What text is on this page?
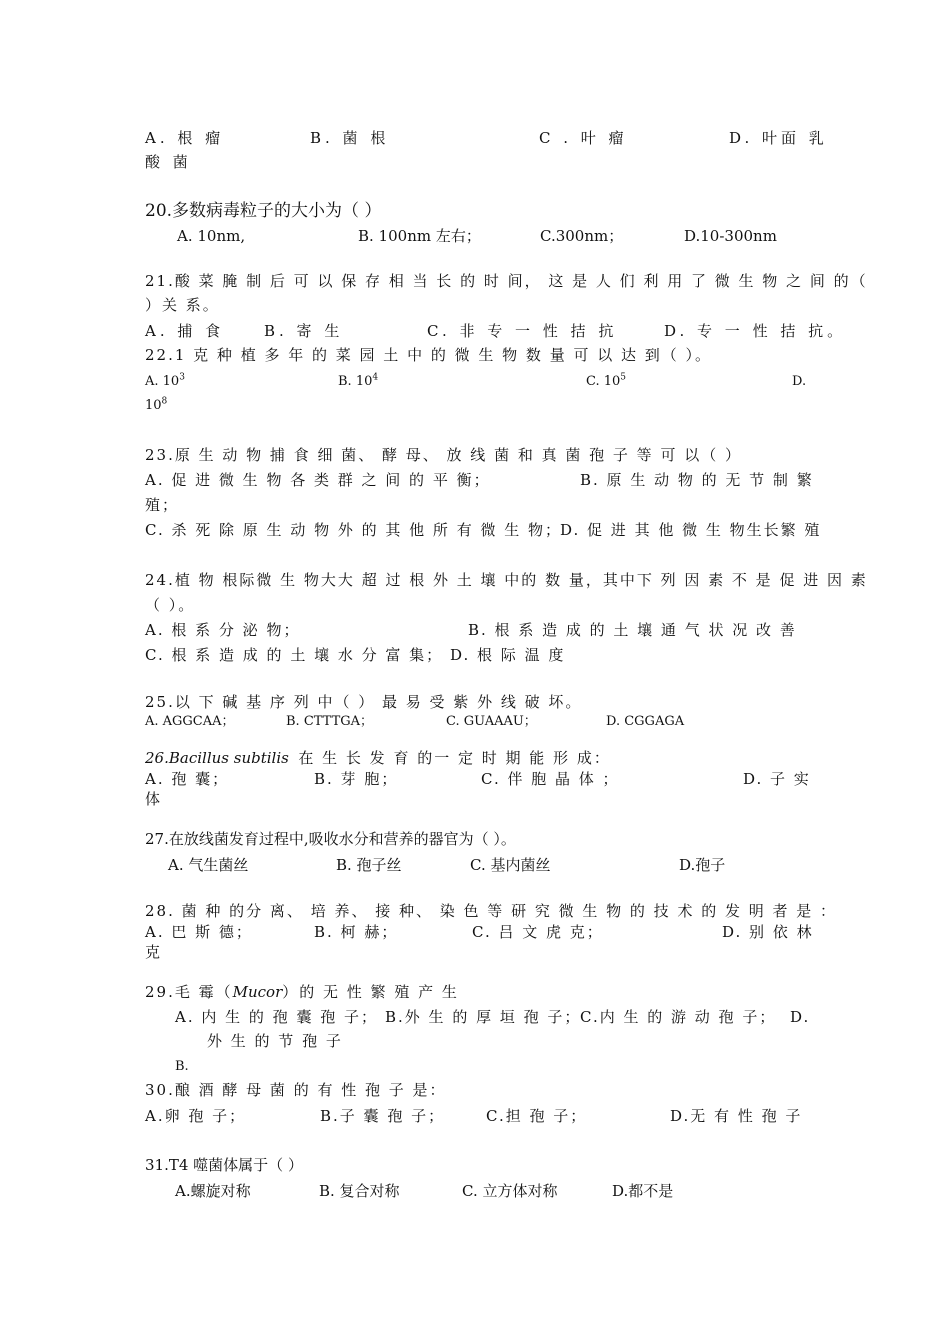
A. 根 瘤	B. 菌 根	C . 叶 瘤	D. 叶面 乳
酸 菌
20.多数病毒粒子的大小为（ ）
A. 10nm,	B. 100nm 左右；	C.300nm；	D.10-300nm
21.酸 菜 腌 制 后 可 以 保 存 相 当 长 的 时 间， 这 是 人 们 利 用 了 微 生 物 之 间 的（
）关 系。
A. 捕 食	B. 寄 生	C. 非 专 一 性 拮 抗	D. 专 一 性 拮 抗。
22.1 克 种 植 多 年 的 菜 园 土 中 的 微 生 物 数 量 可 以 达 到（ ）。
A. $10^3$	B. $10^4$	C. $10^5$	D.
$10^8$
23.原 生 动 物 捕 食 细 菌、 酵 母、 放 线 菌 和 真 菌 孢 子 等 可 以（ ）
A. 促 进 微 生 物 各 类 群 之 间 的 平 衡；	B. 原 生 动 物 的 无 节 制 繁
殖；
C. 杀 死 除 原 生 动 物 外 的 其 他 所 有 微 生 物；
D. 促 进 其 他 微 生 物生长繁 殖
24.植 物 根际微 生 物大大 超 过 根 外 土 壤 中的 数 量，其中下 列 因 素 不 是 促 进 因 素
（ ）。
A. 根 系 分 泌 物；	B. 根 系 造 成 的 土 壤 通 气 状 况 改 善
C. 根 系 造 成 的 土 壤 水 分 富 集； D. 根 际 温 度
25.以 下 碱 基 序 列 中（ ） 最 易 受 紫 外 线 破 坏。
A. AGGCAA；	B. CTTTGA；	C. GUAAAU；	D. CGGAGA
26.Bacillus subtilis 在 生 长 发 育 的一 定 时 期 能 形 成：
A. 孢 囊；	B. 芽 胞；	C. 伴 胞 晶 体 ；	D. 子 实
体
27.在放线菌发育过程中,吸收水分和营养的器官为（ ）。
A. 气生菌丝	B. 孢子丝	C. 基内菌丝	D.孢子
28. 菌 种 的分 离、 培 养、 接 种、 染 色 等 研 究 微 生 物 的 技 术 的 发 明 者 是 ：
A. 巴 斯 德；	B. 柯 赫；	C. 吕 文 虎 克；	D. 别 依 林
克
29.毛 霉（Mucor）的 无 性 繁 殖 产 生
A. 内 生 的 孢 囊 孢 子； B.外 生 的 厚 垣 孢 子；
C.内 生 的 游 动 孢 子； D.
外 生 的 节 孢 子
B.
30.酿 酒 酵 母 菌 的 有 性 孢 子 是：
A.卵 孢 子；	B.子 囊 孢 子；	C.担 孢 子；	D.无 有 性 孢 子
31.T4 噬菌体属于（ ）
A.螺旋对称	B. 复合对称	C. 立方体对称	D.都不是
